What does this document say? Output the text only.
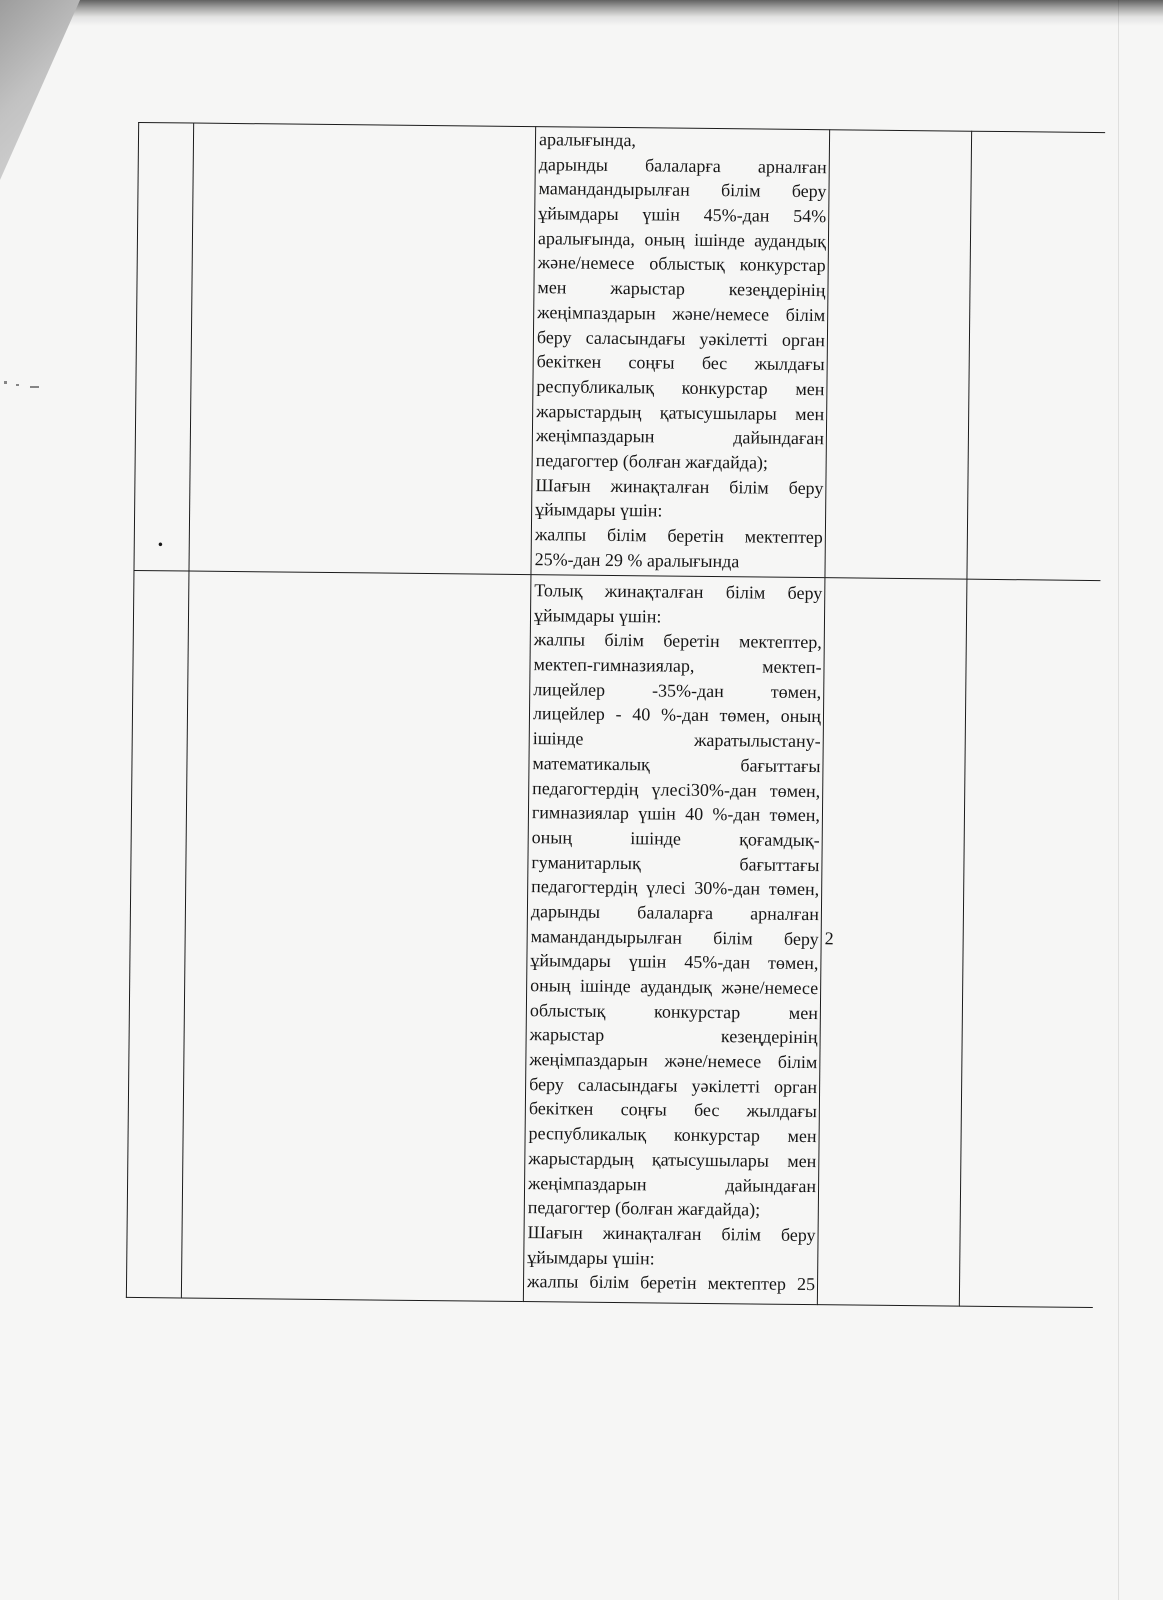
•
аралығында,
дарынды балаларға арналған
мамандандырылған білім беру
ұйымдары үшін 45%-дан 54%
аралығында, оның ішінде аудандық
және/немесе облыстық конкурстар
мен жарыстар кезеңдерінің
жеңімпаздарын және/немесе білім
беру саласындағы уәкілетті орган
бекіткен соңғы бес жылдағы
республикалық конкурстар мен
жарыстардың қатысушылары мен
жеңімпаздарын дайындаған
педагогтер (болған жағдайда);
Шағын жинақталған білім беру
ұйымдары үшін:
жалпы білім беретін мектептер
25%-дан 29 % аралығында
Толық жинақталған білім беру
ұйымдары үшін:
жалпы білім беретін мектептер,
мектеп-гимназиялар, мектеп-
лицейлер -35%-дан төмен,
лицейлер - 40 %-дан төмен, оның
ішінде жаратылыстану-
математикалық бағыттағы
педагогтердің үлесі30%-дан төмен,
гимназиялар үшін 40 %-дан төмен,
оның ішінде қоғамдық-
гуманитарлық бағыттағы
педагогтердің үлесі 30%-дан төмен,
дарынды балаларға арналған
мамандандырылған білім беру
ұйымдары үшін 45%-дан төмен,
оның ішінде аудандық және/немесе
облыстық конкурстар мен
жарыстар кезеңдерінің
жеңімпаздарын және/немесе білім
беру саласындағы уәкілетті орган
бекіткен соңғы бес жылдағы
республикалық конкурстар мен
жарыстардың қатысушылары мен
жеңімпаздарын дайындаған
педагогтер (болған жағдайда);
Шағын жинақталған білім беру
ұйымдары үшін:
жалпы білім беретін мектептер 25
2
